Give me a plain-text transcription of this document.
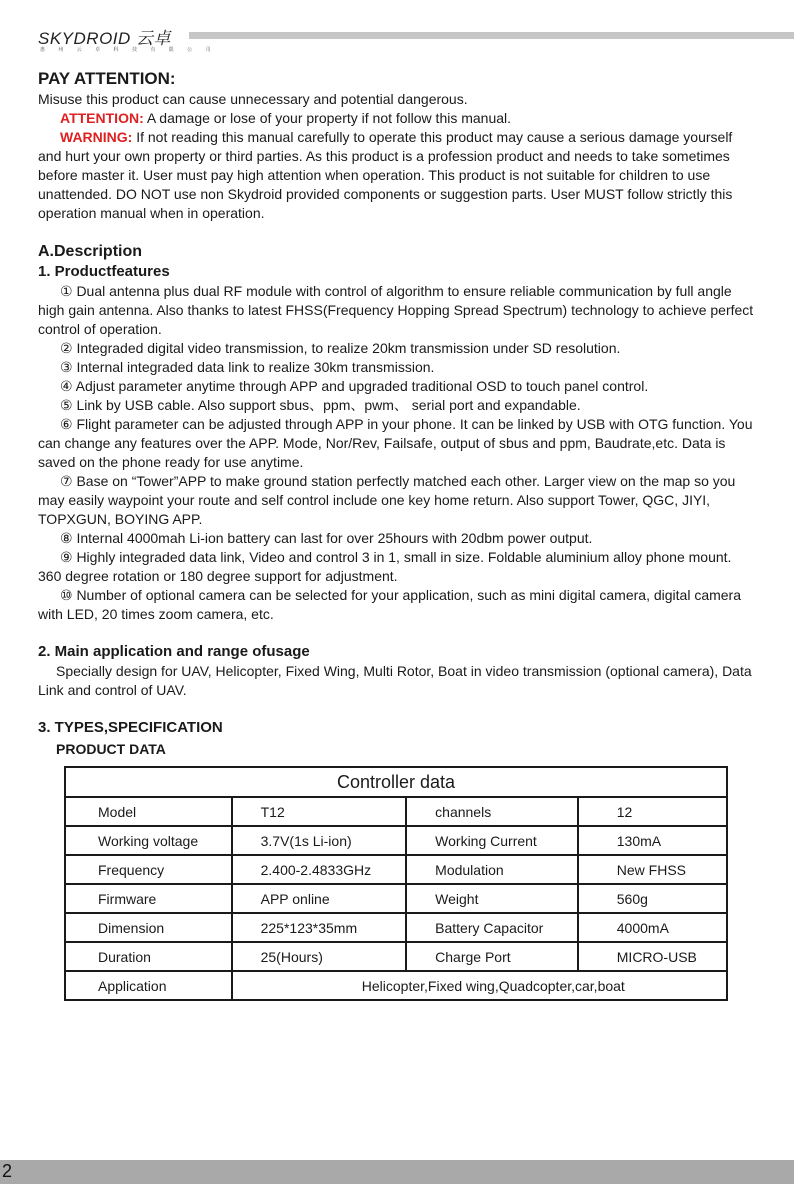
SKYDROID 云卓
惠 州 云 卓 科 技 有 限 公 司
PAY ATTENTION:

Misuse this product can cause unnecessary and potential dangerous.

ATTENTION: A damage or lose of your property if not follow this manual.

WARNING: If not reading this manual carefully to operate this product may cause a serious damage yourself and hurt your own property or third parties. As this product is a profession product and needs to take sometimes before master it. User must pay high attention when operation. This product is not suitable for children to use unattended. DO NOT use non Skydroid provided components or suggestion parts. User MUST follow strictly this operation manual when in operation.

A.Description
1. Productfeatures

① Dual antenna plus dual RF module with control of algorithm to ensure reliable communication by full angle high gain antenna. Also thanks to latest FHSS(Frequency Hopping Spread Spectrum) technology to achieve perfect control of operation.

② Integraded digital video transmission, to realize 20km transmission under SD resolution.

③ Internal integraded data link to realize 30km transmission.

④ Adjust parameter anytime through APP and upgraded traditional OSD to touch panel control.

⑤ Link by USB cable. Also support sbus、ppm、pwm、 serial port and expandable.

⑥ Flight parameter can be adjusted through APP in your phone. It can be linked by USB with OTG function. You can change any features over the APP. Mode, Nor/Rev, Failsafe, output of sbus and ppm, Baudrate,etc. Data is saved on the phone ready for use anytime.

⑦ Base on “Tower”APP to make ground station perfectly matched each other. Larger view on the map so you may easily waypoint your route and self control include one key home return. Also support Tower, QGC, JIYI, TOPXGUN, BOYING APP.

⑧ Internal 4000mah Li-ion battery can last for over 25hours with 20dbm power output.

⑨ Highly integraded data link, Video and control 3 in 1, small in size. Foldable aluminium alloy phone mount. 360 degree rotation or 180 degree support for adjustment.

⑩ Number of optional camera can be selected for your application, such as mini digital camera, digital camera with LED, 20 times zoom camera, etc.

2. Main application and range ofusage

Specially design for UAV, Helicopter, Fixed Wing, Multi Rotor, Boat in video transmission (optional camera), Data Link and control of UAV.

3. TYPES,SPECIFICATION
PRODUCT DATA
Controller data			
Model	T12	channels	12
Working voltage	3.7V(1s Li-ion)	Working Current	130mA
Frequency	2.400-2.4833GHz	Modulation	New FHSS
Firmware	APP online	Weight	560g
Dimension	225*123*35mm	Battery Capacitor	4000mA
Duration	25(Hours)	Charge Port	MICRO-USB
Application	Helicopter,Fixed wing,Quadcopter,car,boat		
2
